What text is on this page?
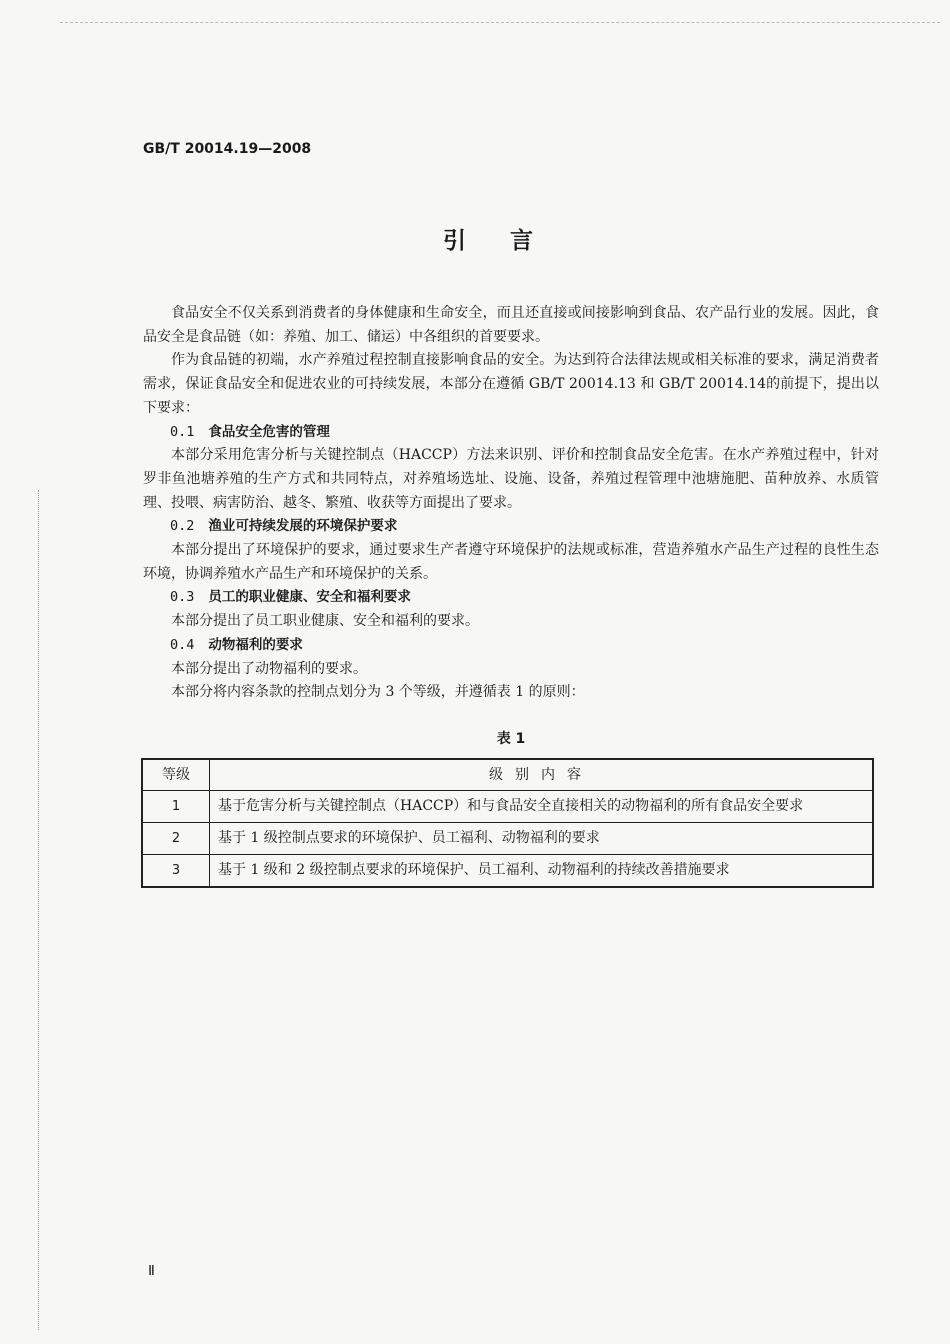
GB/T 20014.19—2008
引言

食品安全不仅关系到消费者的身体健康和生命安全，而且还直接或间接影响到食品、农产品行业的发展。因此，食品安全是食品链（如：养殖、加工、储运）中各组织的首要要求。

作为食品链的初端，水产养殖过程控制直接影响食品的安全。为达到符合法律法规或相关标准的要求，满足消费者需求，保证食品安全和促进农业的可持续发展，本部分在遵循 GB/T 20014.13 和 GB/T 20014.14的前提下，提出以下要求：

0.1 食品安全危害的管理

本部分采用危害分析与关键控制点（HACCP）方法来识别、评价和控制食品安全危害。在水产养殖过程中，针对罗非鱼池塘养殖的生产方式和共同特点，对养殖场选址、设施、设备，养殖过程管理中池塘施肥、苗种放养、水质管理、投喂、病害防治、越冬、繁殖、收获等方面提出了要求。

0.2 渔业可持续发展的环境保护要求

本部分提出了环境保护的要求，通过要求生产者遵守环境保护的法规或标准，营造养殖水产品生产过程的良性生态环境，协调养殖水产品生产和环境保护的关系。

0.3 员工的职业健康、安全和福利要求

本部分提出了员工职业健康、安全和福利的要求。

0.4 动物福利的要求

本部分提出了动物福利的要求。

本部分将内容条款的控制点划分为 3 个等级，并遵循表 1 的原则：

表 1
等级	级别内容
1	基于危害分析与关键控制点（HACCP）和与食品安全直接相关的动物福利的所有食品安全要求
2	基于 1 级控制点要求的环境保护、员工福利、动物福利的要求
3	基于 1 级和 2 级控制点要求的环境保护、员工福利、动物福利的持续改善措施要求
Ⅱ
